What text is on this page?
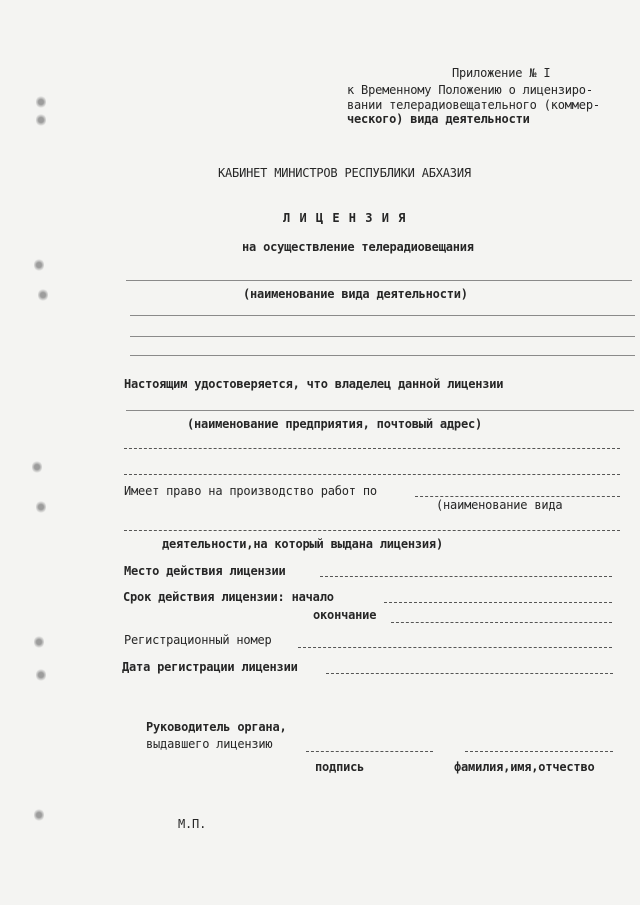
Приложение № I
к Временному Положению о лицензиро-
вании телерадиовещательного (коммер-
ческого) вида деятельности
КАБИНЕТ МИНИСТРОВ РЕСПУБЛИКИ АБХАЗИЯ
Л И Ц Е Н З И Я
на осуществление телерадиовещания
(наименование вида деятельности)
Настоящим удостоверяется, что владелец данной лицензии
(наименование предприятия, почтовый адрес)
Имеет право на производство работ по
(наименование вида
деятельности,на который выдана лицензия)
Место действия лицензии
Срок действия лицензии: начало
окончание
Регистрационный номер
Дата регистрации лицензии
Руководитель органа,
выдавшего лицензию
подпись	фамилия,имя,отчество
М.П.
